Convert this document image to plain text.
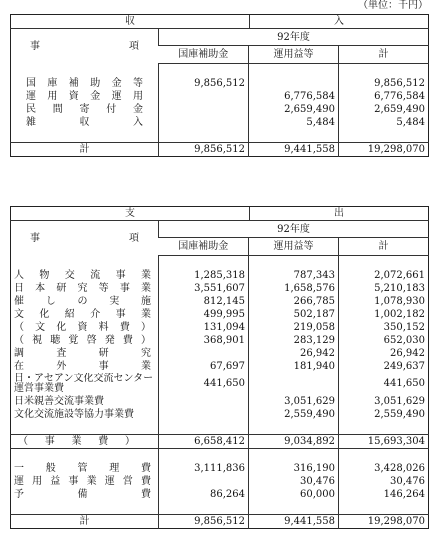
（単位：千円）
収 入			

事 項	92年度		
	国庫補助金	運用益等	計

国庫補助金等	9,856,512		9,856,512

運用資金運用		6,776,584	6,776,584

民間寄付金		2,659,490	2,659,490

雑収入		5,484	5,484

計	9,856,512	9,441,558	19,298,070
支 出			

事 項	92年度		
	国庫補助金	運用益等	計

人物交流事業	1,285,318	787,343	2,072,661

日本研究等事業	3,551,607	1,658,576	5,210,183

催しの実施	812,145	266,785	1,078,930

文化紹介事業	499,995	502,187	1,002,182

（文化資料費）	131,094	219,058	350,152

（視聴覚啓発費）	368,901	283,129	652,030

調査研究		26,942	26,942

在外事業	67,697	181,940	249,637
日・アセアン文化交流センター運営事業費	441,650		441,650
日米親善交流事業費		3,051,629	3,051,629
文化交流施設等協力事業費		2,559,490	2,559,490

（事業費）	6,658,412	9,034,892	15,693,304

一般管理費	3,111,836	316,190	3,428,026

運用益事業運営費		30,476	30,476

予備費	86,264	60,000	146,264

計	9,856,512	9,441,558	19,298,070
